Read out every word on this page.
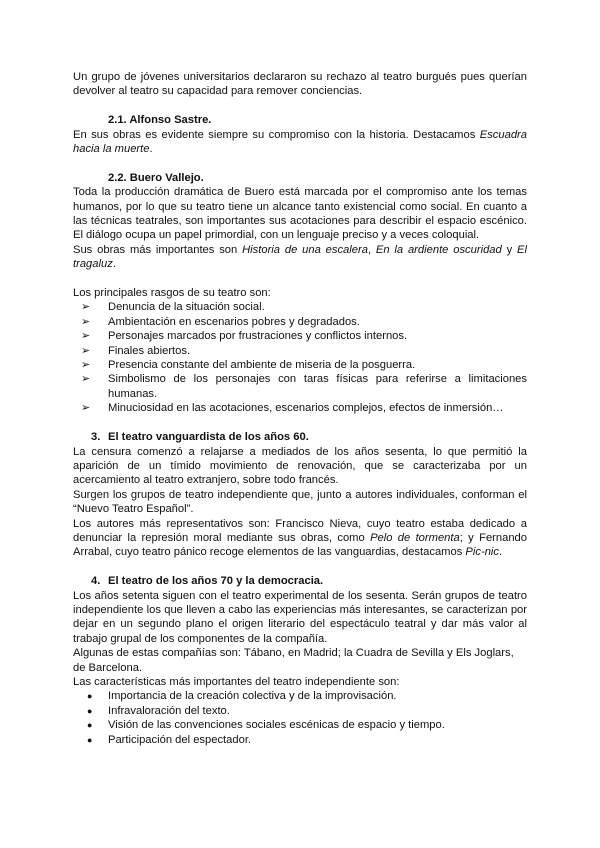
Un grupo de jóvenes universitarios declararon su rechazo al teatro burgués pues querían devolver al teatro su capacidad para remover conciencias.

2.1. Alfonso Sastre.

En sus obras es evidente siempre su compromiso con la historia. Destacamos Escuadra hacia la muerte.

2.2. Buero Vallejo.

Toda la producción dramática de Buero está marcada por el compromiso ante los temas humanos, por lo que su teatro tiene un alcance tanto existencial como social. En cuanto a las técnicas teatrales, son importantes sus acotaciones para describir el espacio escénico. El diálogo ocupa un papel primordial, con un lenguaje preciso y a veces coloquial.

Sus obras más importantes son Historia de una escalera, En la ardiente oscuridad y El tragaluz.

Los principales rasgos de su teatro son:

➢ Denuncia de la situación social.
➢ Ambientación en escenarios pobres y degradados.
➢ Personajes marcados por frustraciones y conflictos internos.
➢ Finales abiertos.
➢ Presencia constante del ambiente de miseria de la posguerra.
➢ Simbolismo de los personajes con taras físicas para referirse a limitaciones humanas.
➢ Minuciosidad en las acotaciones, escenarios complejos, efectos de inmersión…

3. El teatro vanguardista de los años 60.

La censura comenzó a relajarse a mediados de los años sesenta, lo que permitió la aparición de un tímido movimiento de renovación, que se caracterizaba por un acercamiento al teatro extranjero, sobre todo francés.

Surgen los grupos de teatro independiente que, junto a autores individuales, conforman el “Nuevo Teatro Español”.

Los autores más representativos son: Francisco Nieva, cuyo teatro estaba dedicado a denunciar la represión moral mediante sus obras, como Pelo de tormenta; y Fernando Arrabal, cuyo teatro pánico recoge elementos de las vanguardias, destacamos Pic-nic.

4. El teatro de los años 70 y la democracia.

Los años setenta siguen con el teatro experimental de los sesenta. Serán grupos de teatro independiente los que lleven a cabo las experiencias más interesantes, se caracterizan por dejar en un segundo plano el origen literario del espectáculo teatral y dar más valor al trabajo grupal de los componentes de la compañía.

Algunas de estas compañías son: Tábano, en Madrid; la Cuadra de Sevilla y Els Joglars, de Barcelona.

Las características más importantes del teatro independiente son:

● Importancia de la creación colectiva y de la improvisación.
● Infravaloración del texto.
● Visión de las convenciones sociales escénicas de espacio y tiempo.
● Participación del espectador.
